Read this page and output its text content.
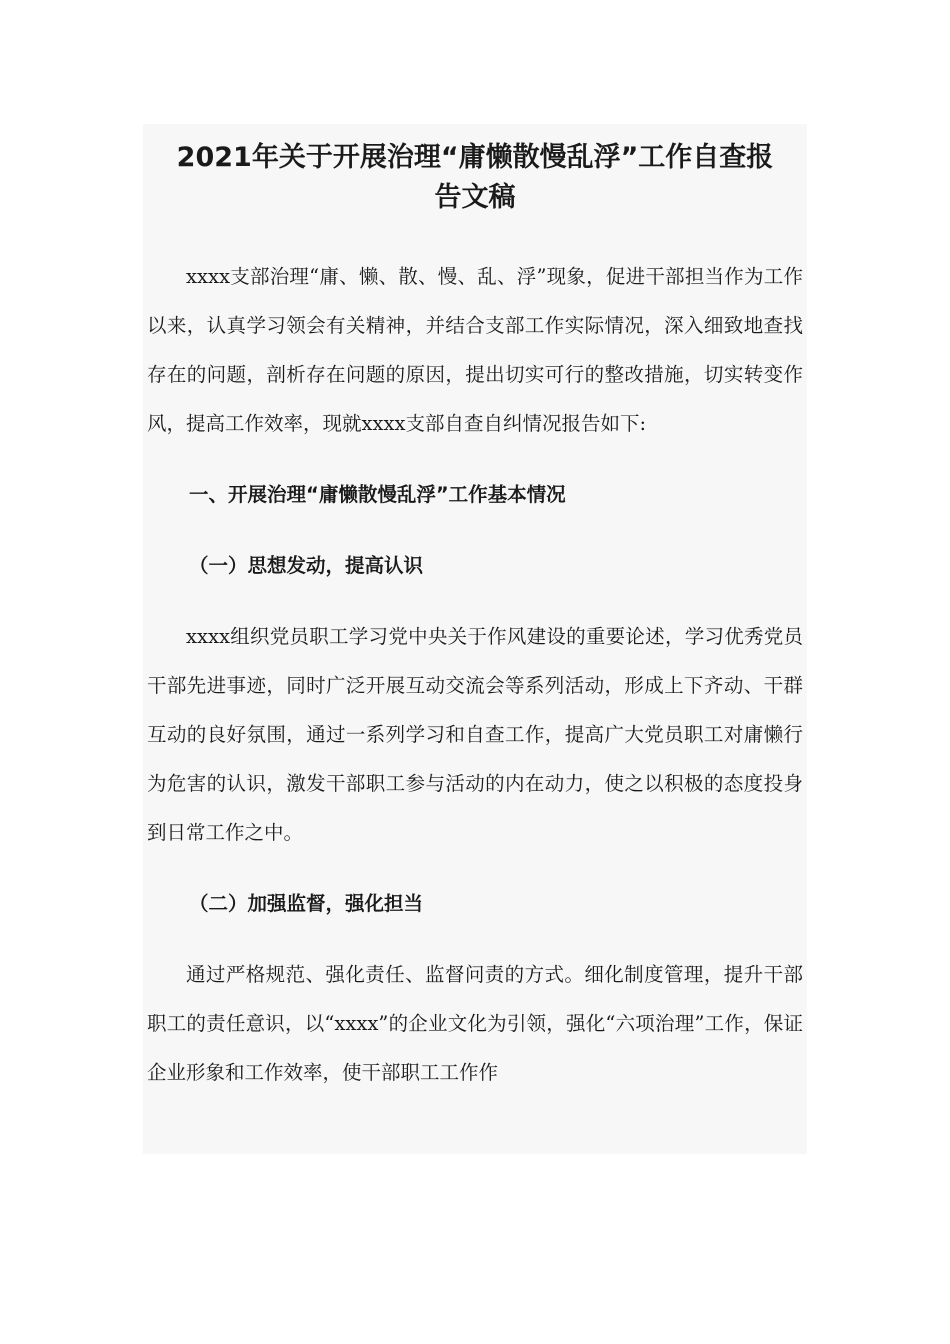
2021年关于开展治理“庸懒散慢乱浮”工作自查报
告文稿

xxxx支部治理“庸、懒、散、慢、乱、浮”现象，促进干部担当作为工作以来，认真学习领会有关精神，并结合支部工作实际情况，深入细致地查找存在的问题，剖析存在问题的原因，提出切实可行的整改措施，切实转变作风，提高工作效率，现就xxxx支部自查自纠情况报告如下:

一、开展治理“庸懒散慢乱浮”工作基本情况

（一）思想发动，提高认识

xxxx组织党员职工学习党中央关于作风建设的重要论述，学习优秀党员干部先进事迹，同时广泛开展互动交流会等系列活动，形成上下齐动、干群互动的良好氛围，通过一系列学习和自查工作，提高广大党员职工对庸懒行为危害的认识，激发干部职工参与活动的内在动力，使之以积极的态度投身到日常工作之中。

（二）加强监督，强化担当

通过严格规范、强化责任、监督问责的方式。细化制度管理，提升干部职工的责任意识，以“xxxx”的企业文化为引领，强化“六项治理”工作，保证企业形象和工作效率，使干部职工工作作
